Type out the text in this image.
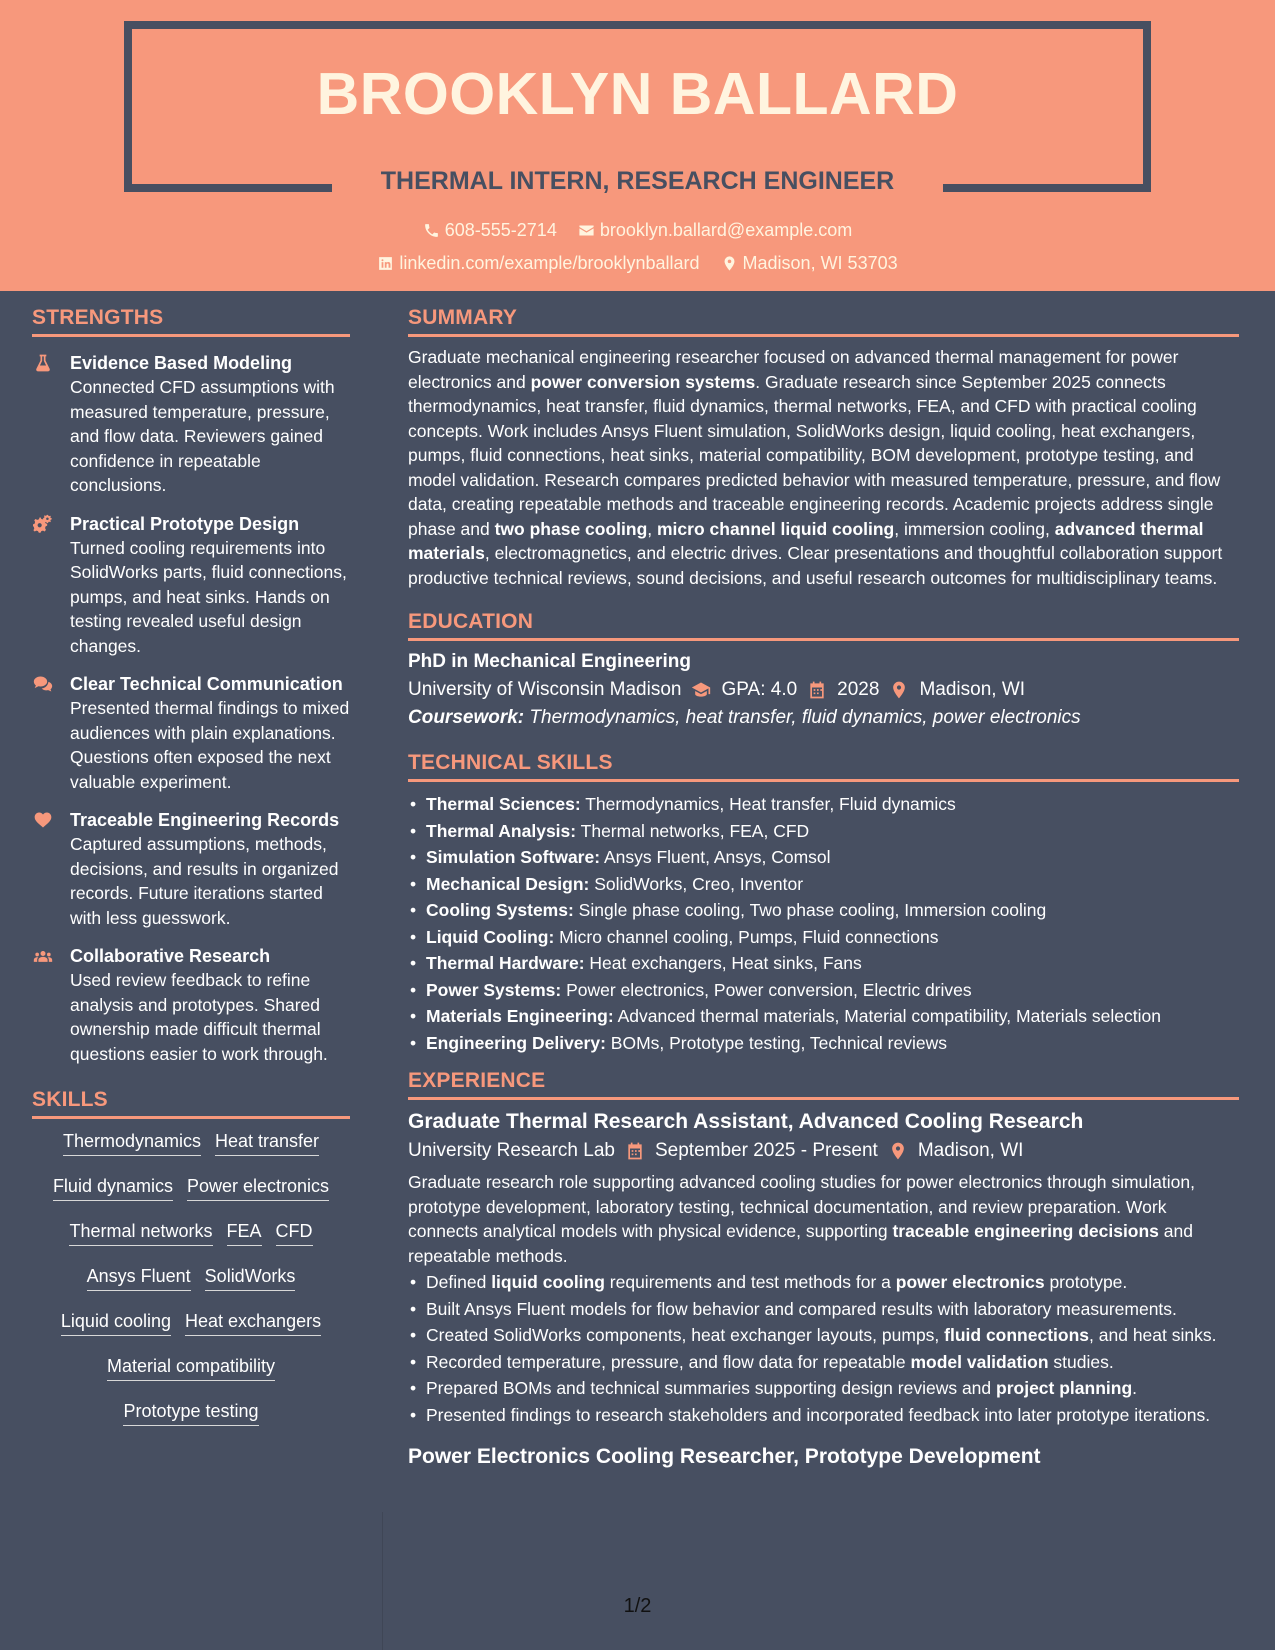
BROOKLYN BALLARD
THERMAL INTERN, RESEARCH ENGINEER
608-555-2714
brooklyn.ballard@example.com
linkedin.com/example/brooklynballard
Madison, WI 53703
STRENGTHS
Evidence Based Modeling
Connected CFD assumptions with measured temperature, pressure, and flow data. Reviewers gained confidence in repeatable conclusions.
Practical Prototype Design
Turned cooling requirements into SolidWorks parts, fluid connections, pumps, and heat sinks. Hands on testing revealed useful design changes.
Clear Technical Communication
Presented thermal findings to mixed audiences with plain explanations. Questions often exposed the next valuable experiment.
Traceable Engineering Records
Captured assumptions, methods, decisions, and results in organized records. Future iterations started with less guesswork.
Collaborative Research
Used review feedback to refine analysis and prototypes. Shared ownership made difficult thermal questions easier to work through.
SKILLS
Thermodynamics Heat transfer
Fluid dynamics Power electronics
Thermal networks FEA CFD
Ansys Fluent SolidWorks
Liquid cooling Heat exchangers
Material compatibility
Prototype testing
SUMMARY
Graduate mechanical engineering researcher focused on advanced thermal management for power electronics and power conversion systems. Graduate research since September 2025 connects thermodynamics, heat transfer, fluid dynamics, thermal networks, FEA, and CFD with practical cooling concepts. Work includes Ansys Fluent simulation, SolidWorks design, liquid cooling, heat exchangers, pumps, fluid connections, heat sinks, material compatibility, BOM development, prototype testing, and model validation. Research compares predicted behavior with measured temperature, pressure, and flow data, creating repeatable methods and traceable engineering records. Academic projects address single phase and two phase cooling, micro channel liquid cooling, immersion cooling, advanced thermal materials, electromagnetics, and electric drives. Clear presentations and thoughtful collaboration support productive technical reviews, sound decisions, and useful research outcomes for multidisciplinary teams.
EDUCATION
PhD in Mechanical Engineering
University of Wisconsin Madison GPA: 4.0 2028 Madison, WI
Coursework: Thermodynamics, heat transfer, fluid dynamics, power electronics
TECHNICAL SKILLS
• Thermal Sciences: Thermodynamics, Heat transfer, Fluid dynamics
• Thermal Analysis: Thermal networks, FEA, CFD
• Simulation Software: Ansys Fluent, Ansys, Comsol
• Mechanical Design: SolidWorks, Creo, Inventor
• Cooling Systems: Single phase cooling, Two phase cooling, Immersion cooling
• Liquid Cooling: Micro channel cooling, Pumps, Fluid connections
• Thermal Hardware: Heat exchangers, Heat sinks, Fans
• Power Systems: Power electronics, Power conversion, Electric drives
• Materials Engineering: Advanced thermal materials, Material compatibility, Materials selection
• Engineering Delivery: BOMs, Prototype testing, Technical reviews
EXPERIENCE
Graduate Thermal Research Assistant, Advanced Cooling Research
University Research Lab September 2025 - Present Madison, WI
Graduate research role supporting advanced cooling studies for power electronics through simulation, prototype development, laboratory testing, technical documentation, and review preparation. Work connects analytical models with physical evidence, supporting traceable engineering decisions and repeatable methods.
• Defined liquid cooling requirements and test methods for a power electronics prototype.
• Built Ansys Fluent models for flow behavior and compared results with laboratory measurements.
• Created SolidWorks components, heat exchanger layouts, pumps, fluid connections, and heat sinks.
• Recorded temperature, pressure, and flow data for repeatable model validation studies.
• Prepared BOMs and technical summaries supporting design reviews and project planning.
• Presented findings to research stakeholders and incorporated feedback into later prototype iterations.
Power Electronics Cooling Researcher, Prototype Development
1/2
